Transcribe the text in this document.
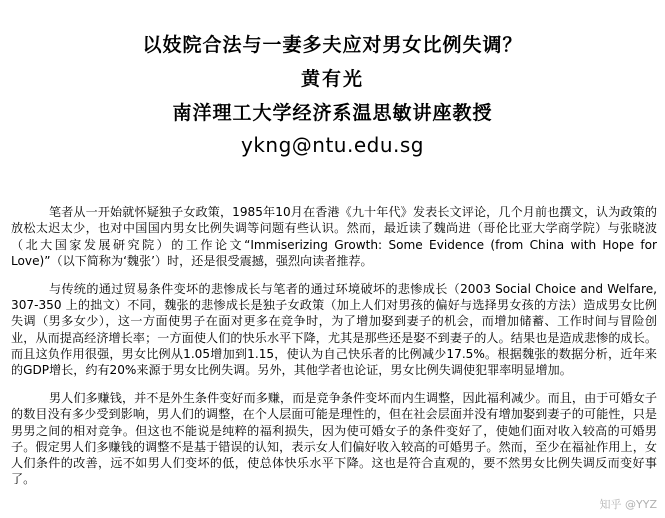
以妓院合法与一妻多夫应对男女比例失调？
黄有光
南洋理工大学经济系温思敏讲座教授
ykng@ntu.edu.sg

笔者从一开始就怀疑独子女政策，1985年10月在香港《九十年代》发表长文评论，几个月前也撰文，认为政策的放松太迟太少，也对中国国内男女比例失调等问题有些认识。然而，最近读了魏尚进（哥伦比亚大学商学院）与张晓波（北大国家发展研究院）的工作论文“Immiserizing Growth: Some Evidence (from China with Hope for Love)”（以下简称为‘魏张’）时，还是很受震撼，强烈向读者推荐。

与传统的通过贸易条件变坏的悲惨成长与笔者的通过环境破坏的悲惨成长（2003 Social Choice and Welfare, 307-350 上的拙文）不同，魏张的悲惨成长是独子女政策（加上人们对男孩的偏好与选择男女孩的方法）造成男女比例失调（男多女少），这一方面使男子在面对更多在竞争时，为了增加娶到妻子的机会，而增加储蓄、工作时间与冒险创业，从而提高经济增长率；一方面使人们的快乐水平下降，尤其是那些还是娶不到妻子的人。结果也是造成悲惨的成长。而且这负作用很强，男女比例从1.05增加到1.15，使认为自己快乐者的比例减少17.5%。根据魏张的数据分析，近年来的GDP增长，约有20%来源于男女比例失调。另外，其他学者也论证，男女比例失调使犯罪率明显增加。

男人们多赚钱，并不是外生条件变好而多赚，而是竞争条件变坏而内生调整，因此福利减少。而且，由于可婚女子的数目没有多少受到影响，男人们的调整，在个人层面可能是理性的，但在社会层面并没有增加娶到妻子的可能性，只是男男之间的相对竞争。但这也不能说是纯粹的福利损失，因为使可婚女子的条件变好了，使她们面对收入较高的可婚男子。假定男人们多赚钱的调整不是基于错误的认知，表示女人们偏好收入较高的可婚男子。然而，至少在福祉作用上，女人们条件的改善，远不如男人们变坏的低，使总体快乐水平下降。这也是符合直观的，要不然男女比例失调反而变好事了。

知乎 @YYZ
